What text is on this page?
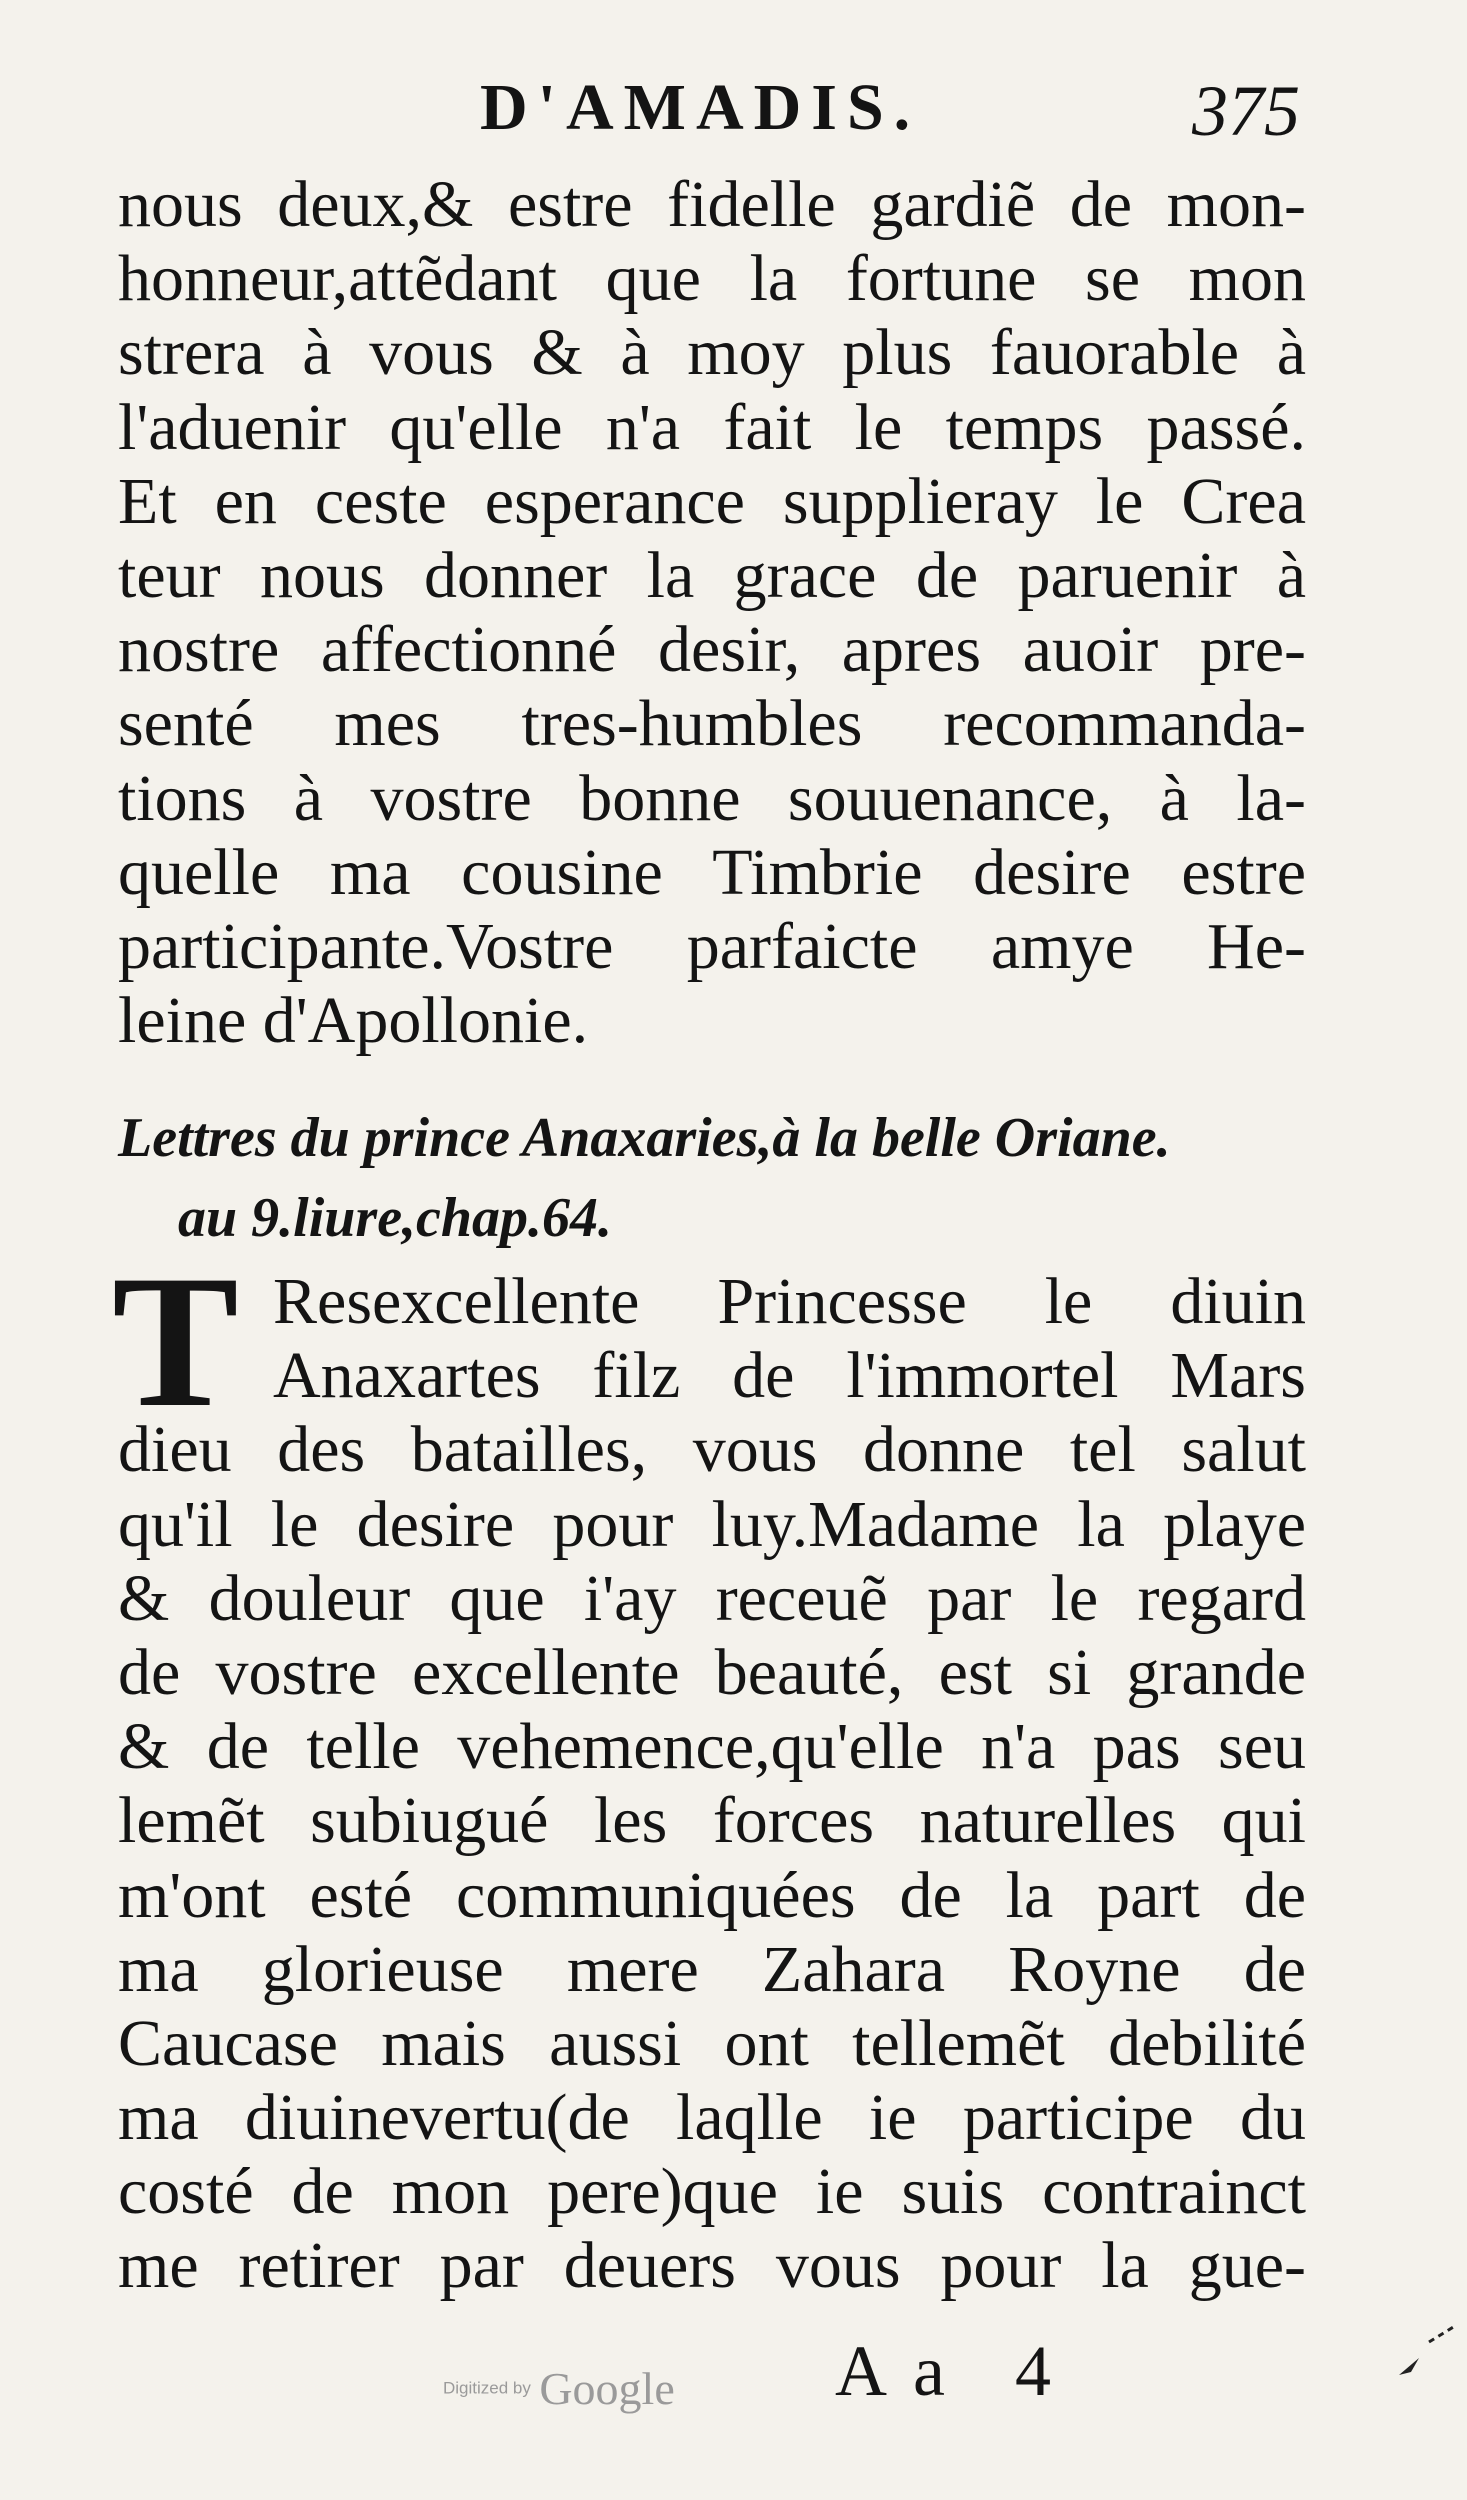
D'AMADIS.	375
nous deux,& estre fidelle gardiẽ de mon-
honneur,attẽdant que la fortune se mon
strera à vous & à moy plus fauorable à
l'aduenir qu'elle n'a fait le temps passé.
Et en ceste esperance supplieray le Crea
teur nous donner la grace de paruenir à
nostre affectionné desir, apres auoir pre-
senté mes tres-humbles recommanda-
tions à vostre bonne souuenance, à la-
quelle ma cousine Timbrie desire estre
participante.Vostre parfaicte amye He-
leine d'Apollonie.
Lettres du prince Anaxaries,à la belle Oriane.
au 9.liure,chap.64.
T Resexcellente Princesse le diuin
Anaxartes filz de l'immortel Mars
dieu des batailles, vous donne tel salut
qu'il le desire pour luy.Madame la playe
& douleur que i'ay receuẽ par le regard
de vostre excellente beauté, est si grande
& de telle vehemence,qu'elle n'a pas seu
lemẽt subiugué les forces naturelles qui
m'ont esté communiquées de la part de
ma glorieuse mere Zahara Royne de
Caucase mais aussi ont tellemẽt debilité
ma diuinevertu(de laqlle ie participe du
costé de mon pere)que ie suis contrainct
me retirer par deuers vous pour la gue-
Aa 4
Digitized by Google
